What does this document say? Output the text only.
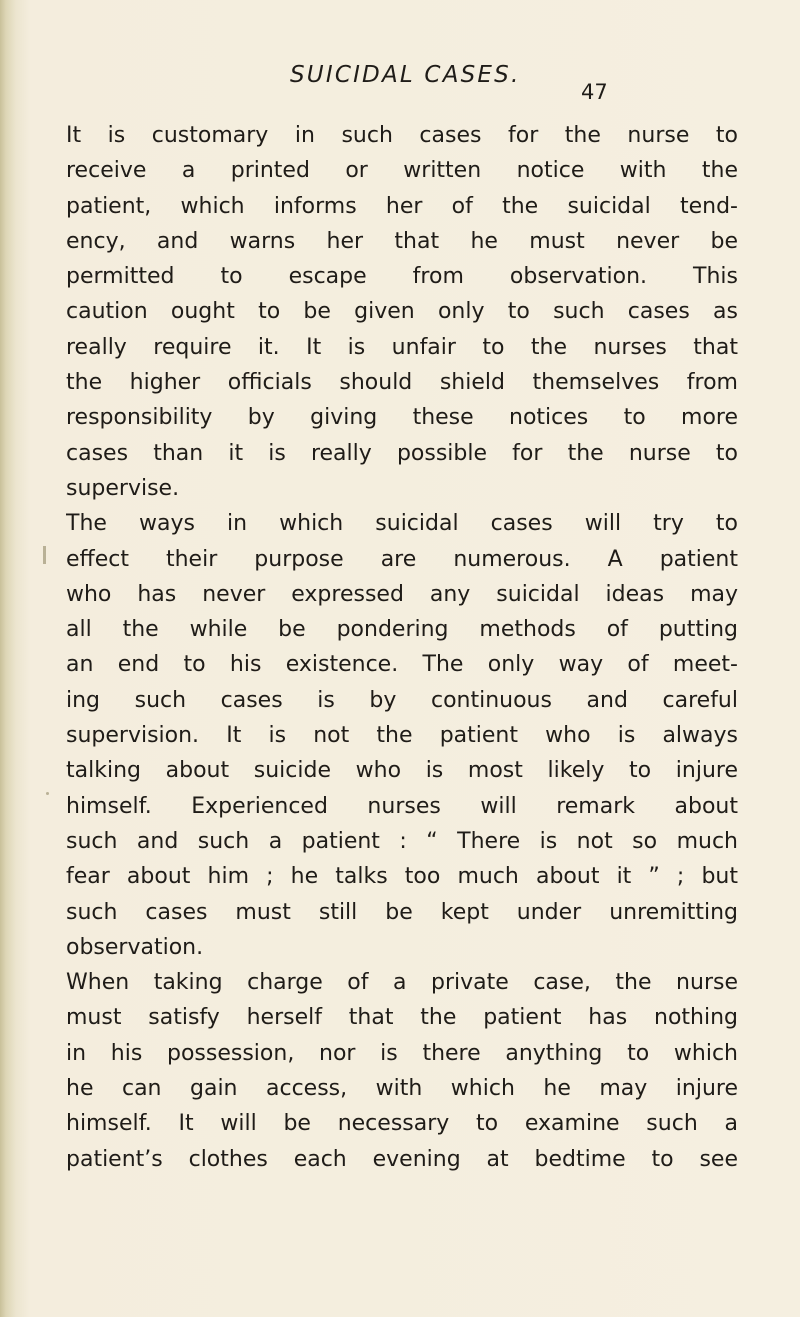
SUICIDAL CASES.
47
It is customary in such cases for the nurse to
receive a printed or written notice with the
patient, which informs her of the suicidal tend-
ency, and warns her that he must never be
permitted to escape from observation. This
caution ought to be given only to such cases as
really require it. It is unfair to the nurses that
the higher officials should shield themselves from
responsibility by giving these notices to more
cases than it is really possible for the nurse to
supervise.
The ways in which suicidal cases will try to
effect their purpose are numerous. A patient
who has never expressed any suicidal ideas may
all the while be pondering methods of putting
an end to his existence. The only way of meet-
ing such cases is by continuous and careful
supervision. It is not the patient who is always
talking about suicide who is most likely to injure
himself. Experienced nurses will remark about
such and such a patient : “ There is not so much
fear about him ; he talks too much about it ” ; but
such cases must still be kept under unremitting
observation.
When taking charge of a private case, the nurse
must satisfy herself that the patient has nothing
in his possession, nor is there anything to which
he can gain access, with which he may injure
himself. It will be necessary to examine such a
patient’s clothes each evening at bedtime to see
